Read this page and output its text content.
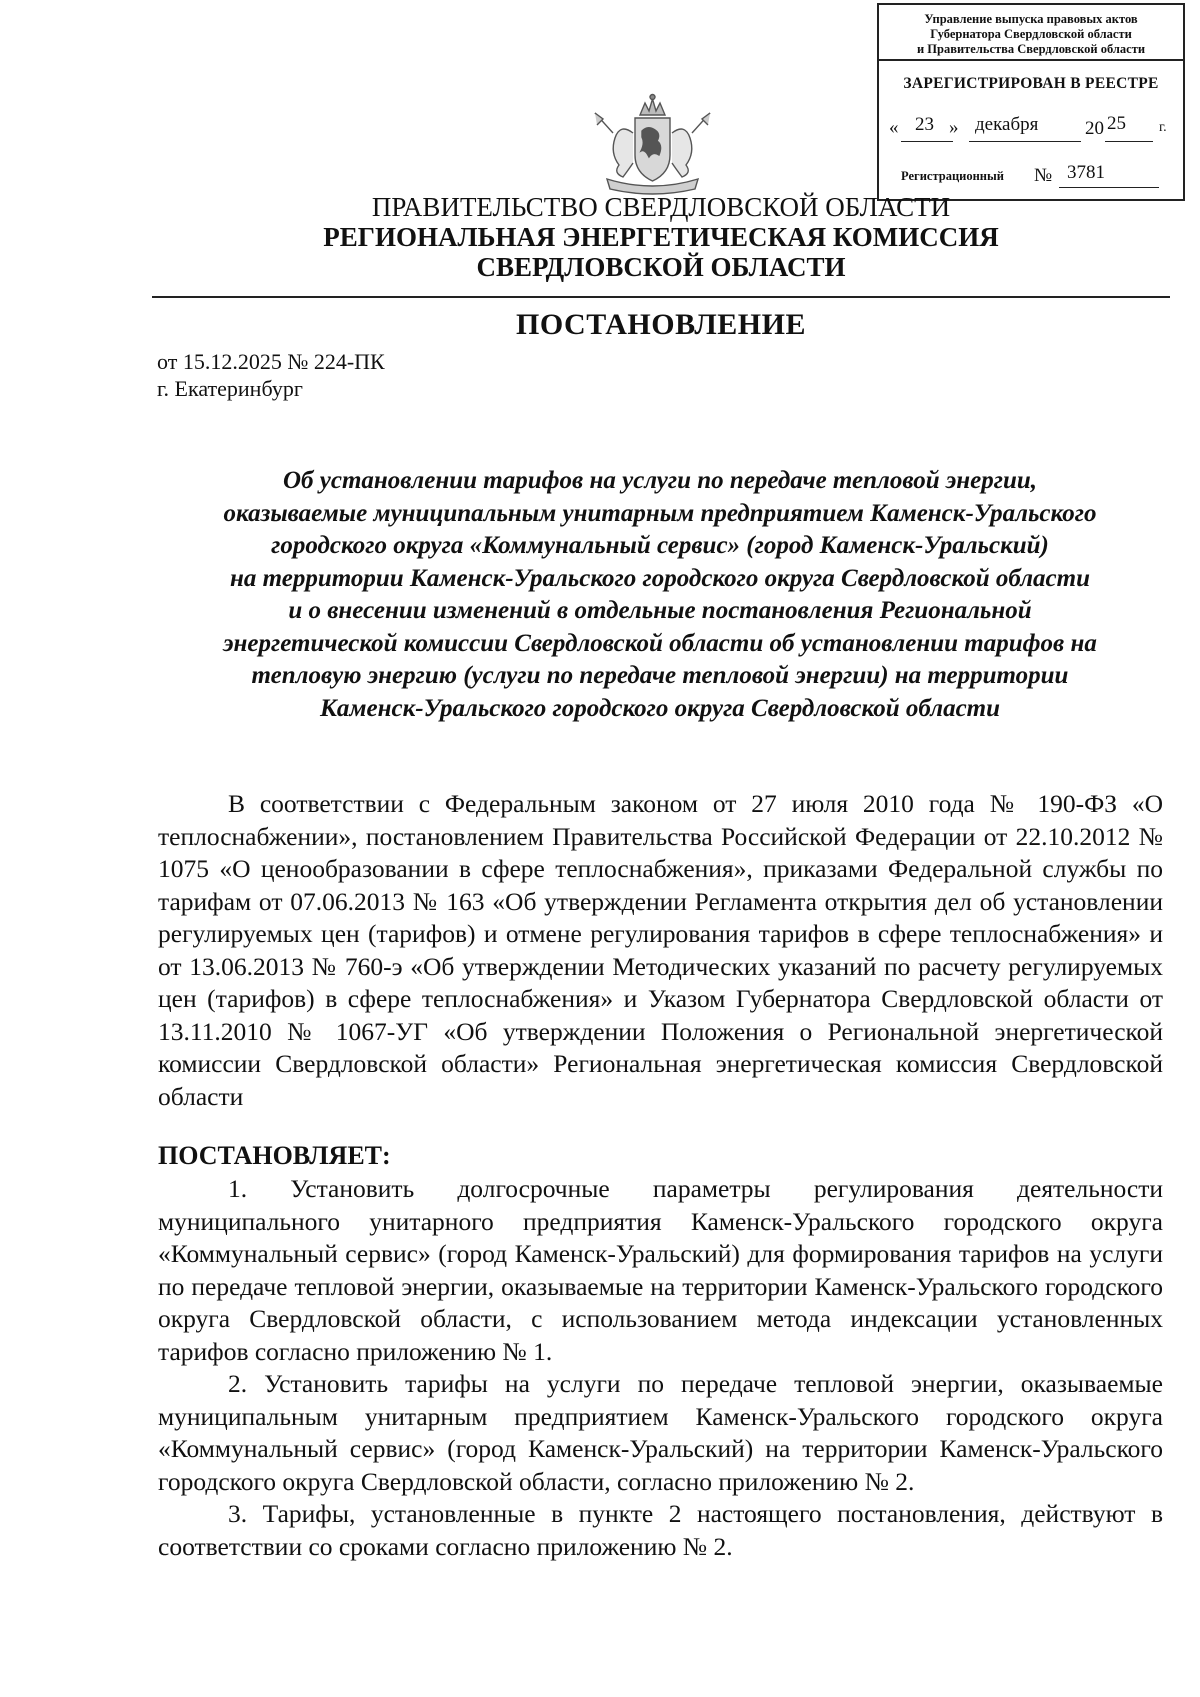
Управление выпуска правовых актов
Губернатора Свердловской области
и Правительства Свердловской области
ЗАРЕГИСТРИРОВАН В РЕЕСТРЕ
« 23 » декабря 20 25 г.
Регистрационный № 3781
ПРАВИТЕЛЬСТВО СВЕРДЛОВСКОЙ ОБЛАСТИ
РЕГИОНАЛЬНАЯ ЭНЕРГЕТИЧЕСКАЯ КОМИССИЯ
СВЕРДЛОВСКОЙ ОБЛАСТИ
ПОСТАНОВЛЕНИЕ
от 15.12.2025 № 224-ПК
г. Екатеринбург
Об установлении тарифов на услуги по передаче тепловой энергии,
оказываемые муниципальным унитарным предприятием Каменск-Уральского
городского округа «Коммунальный сервис» (город Каменск-Уральский)
на территории Каменск-Уральского городского округа Свердловской области
и о внесении изменений в отдельные постановления Региональной
энергетической комиссии Свердловской области об установлении тарифов на
тепловую энергию (услуги по передаче тепловой энергии) на территории
Каменск-Уральского городского округа Свердловской области

В соответствии с Федеральным законом от 27 июля 2010 года № 190-ФЗ «О теплоснабжении», постановлением Правительства Российской Федерации от 22.10.2012 № 1075 «О ценообразовании в сфере теплоснабжения», приказами Федеральной службы по тарифам от 07.06.2013 № 163 «Об утверждении Регламента открытия дел об установлении регулируемых цен (тарифов) и отмене регулирования тарифов в сфере теплоснабжения» и от 13.06.2013 № 760-э «Об утверждении Методических указаний по расчету регулируемых цен (тарифов) в сфере теплоснабжения» и Указом Губернатора Свердловской области от 13.11.2010 № 1067-УГ «Об утверждении Положения о Региональной энергетической комиссии Свердловской области» Региональная энергетическая комиссия Свердловской области

ПОСТАНОВЛЯЕТ:

1. Установить долгосрочные параметры регулирования деятельности муниципального унитарного предприятия Каменск-Уральского городского округа «Коммунальный сервис» (город Каменск-Уральский) для формирования тарифов на услуги по передаче тепловой энергии, оказываемые на территории Каменск-Уральского городского округа Свердловской области, с использованием метода индексации установленных тарифов согласно приложению № 1.

2. Установить тарифы на услуги по передаче тепловой энергии, оказываемые муниципальным унитарным предприятием Каменск-Уральского городского округа «Коммунальный сервис» (город Каменск-Уральский) на территории Каменск-Уральского городского округа Свердловской области, согласно приложению № 2.

3. Тарифы, установленные в пункте 2 настоящего постановления, действуют в соответствии со сроками согласно приложению № 2.
